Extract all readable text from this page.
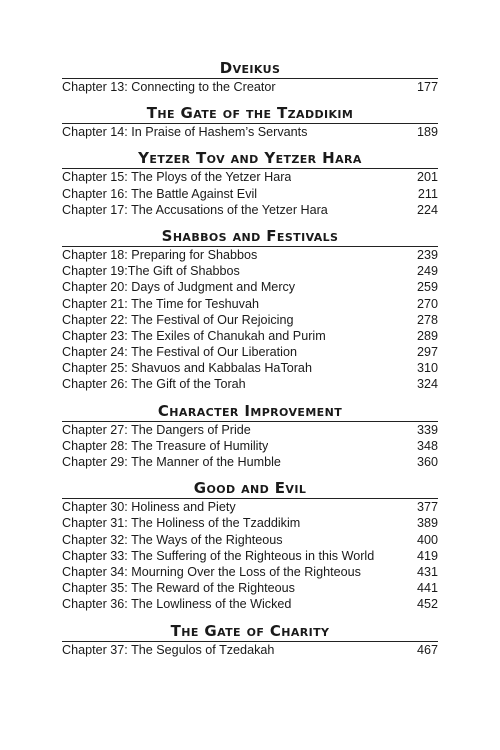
Dveikus
Chapter 13: Connecting to the Creator	177
The Gate of the Tzaddikim
Chapter 14: In Praise of Hashem’s Servants	189
Yetzer Tov and Yetzer Hara
Chapter 15: The Ploys of the Yetzer Hara	201
Chapter 16: The Battle Against Evil	211
Chapter 17: The Accusations of the Yetzer Hara	224
Shabbos and Festivals
Chapter 18: Preparing for Shabbos	239
Chapter 19:The Gift of Shabbos	249
Chapter 20: Days of Judgment and Mercy	259
Chapter 21: The Time for Teshuvah	270
Chapter 22: The Festival of Our Rejoicing	278
Chapter 23: The Exiles of Chanukah and Purim	289
Chapter 24: The Festival of Our Liberation	297
Chapter 25: Shavuos and Kabbalas HaTorah	310
Chapter 26: The Gift of the Torah	324
Character Improvement
Chapter 27: The Dangers of Pride	339
Chapter 28: The Treasure of Humility	348
Chapter 29: The Manner of the Humble	360
Good and Evil
Chapter 30: Holiness and Piety	377
Chapter 31: The Holiness of the Tzaddikim	389
Chapter 32: The Ways of the Righteous	400
Chapter 33: The Suffering of the Righteous in this World	419
Chapter 34: Mourning Over the Loss of the Righteous	431
Chapter 35: The Reward of the Righteous	441
Chapter 36: The Lowliness of the Wicked	452
The Gate of Charity
Chapter 37: The Segulos of Tzedakah	467
